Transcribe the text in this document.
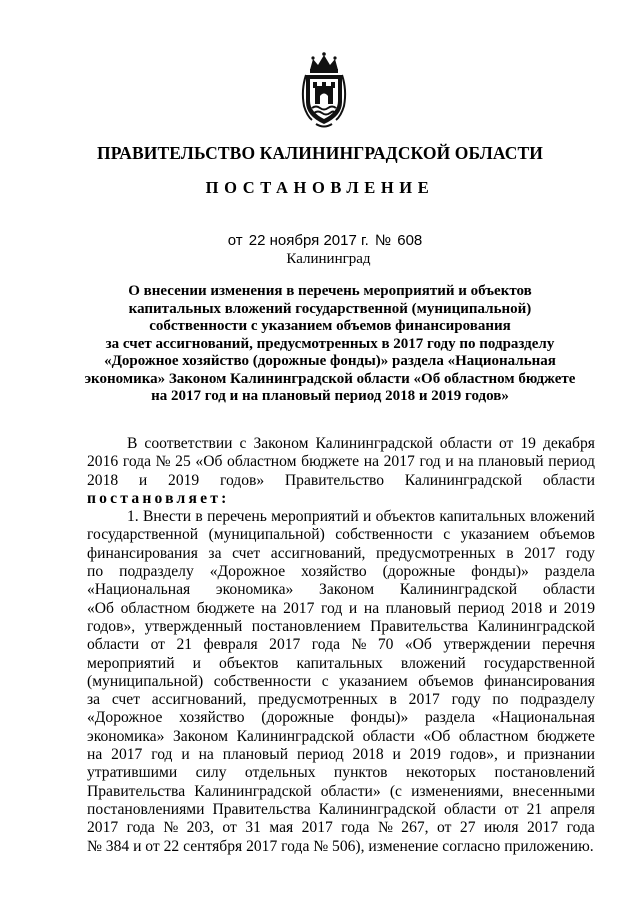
ПРАВИТЕЛЬСТВО КАЛИНИНГРАДСКОЙ ОБЛАСТИ
ПОСТАНОВЛЕНИЕ
от 22 ноября 2017 г. № 608
Калининград
О внесении изменения в перечень мероприятий и объектов
капитальных вложений государственной (муниципальной)
собственности с указанием объемов финансирования
за счет ассигнований, предусмотренных в 2017 году по подразделу
«Дорожное хозяйство (дорожные фонды)» раздела «Национальная
экономика» Законом Калининградской области «Об областном бюджете
на 2017 год и на плановый период 2018 и 2019 годов»
В соответствии с Законом Калининградской области от 19 декабря
2016 года № 25 «Об областном бюджете на 2017 год и на плановый период
2018 и 2019 годов» Правительство Калининградской области
постановляет:
1. Внести в перечень мероприятий и объектов капитальных вложений
государственной (муниципальной) собственности с указанием объемов
финансирования за счет ассигнований, предусмотренных в 2017 году
по подразделу «Дорожное хозяйство (дорожные фонды)» раздела
«Национальная экономика» Законом Калининградской области
«Об областном бюджете на 2017 год и на плановый период 2018 и 2019
годов», утвержденный постановлением Правительства Калининградской
области от 21 февраля 2017 года № 70 «Об утверждении перечня
мероприятий и объектов капитальных вложений государственной
(муниципальной) собственности с указанием объемов финансирования
за счет ассигнований, предусмотренных в 2017 году по подразделу
«Дорожное хозяйство (дорожные фонды)» раздела «Национальная
экономика» Законом Калининградской области «Об областном бюджете
на 2017 год и на плановый период 2018 и 2019 годов», и признании
утратившими силу отдельных пунктов некоторых постановлений
Правительства Калининградской области» (с изменениями, внесенными
постановлениями Правительства Калининградской области от 21 апреля
2017 года № 203, от 31 мая 2017 года № 267, от 27 июля 2017 года
№ 384 и от 22 сентября 2017 года № 506), изменение согласно приложению.
